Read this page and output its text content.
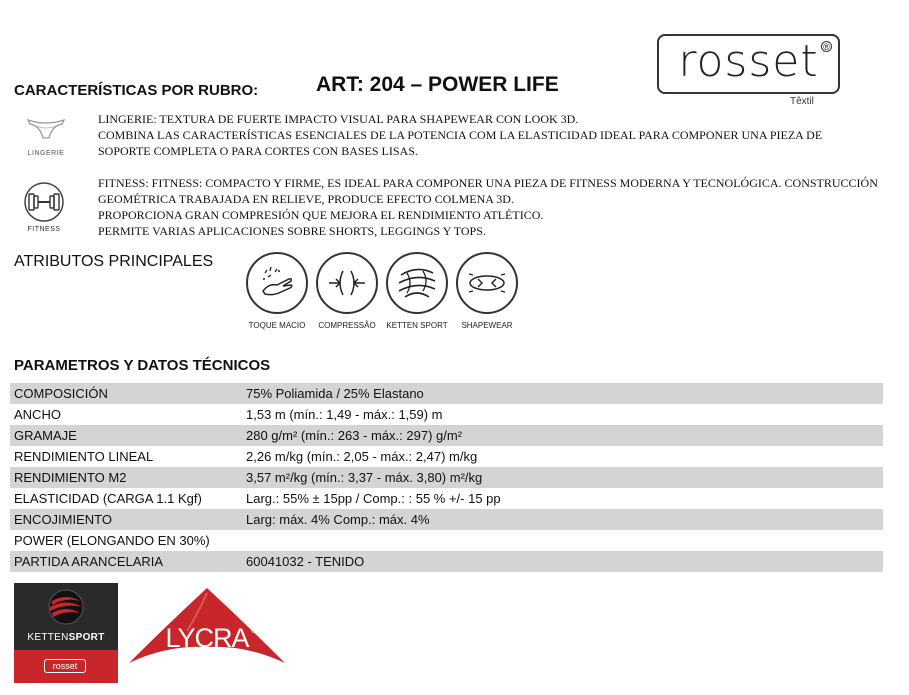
rosset ®
Têxtil
CARACTERÍSTICAS POR RUBRO:	ART: 204 – POWER LIFE
LINGERIE

LINGERIE: TEXTURA DE FUERTE IMPACTO VISUAL PARA SHAPEWEAR CON LOOK 3D.

COMBINA LAS CARACTERÍSTICAS ESENCIALES DE LA POTENCIA COM LA ELASTICIDAD IDEAL PARA COMPONER UNA PIEZA DE

SOPORTE COMPLETA O PARA CORTES CON BASES LISAS.

FITNESS

FITNESS: FITNESS: COMPACTO Y FIRME, ES IDEAL PARA COMPONER UNA PIEZA DE FITNESS MODERNA Y TECNOLÓGICA. CONSTRUCCIÓN

GEOMÉTRICA TRABAJADA EN RELIEVE, PRODUCE EFECTO COLMENA 3D.

PROPORCIONA GRAN COMPRESIÓN QUE MEJORA EL RENDIMIENTO ATLÉTICO.

PERMITE VARIAS APLICACIONES SOBRE SHORTS, LEGGINGS Y TOPS.

ATRIBUTOS PRINCIPALES
TOQUE MACIO COMPRESSÃO KETTEN SPORT SHAPEWEAR
PARAMETROS Y DATOS TÉCNICOS
COMPOSICIÓN	75% Poliamida / 25% Elastano
ANCHO	1,53 m (mín.: 1,49 - máx.: 1,59) m
GRAMAJE	280 g/m² (mín.: 263 - máx.: 297) g/m²
RENDIMIENTO LINEAL	2,26 m/kg (mín.: 2,05 - máx.: 2,47) m/kg
RENDIMIENTO M2	3,57 m²/kg (mín.: 3,37 - máx. 3,80) m²/kg
ELASTICIDAD (CARGA 1.1 Kgf)	Larg.: 55% ± 15pp / Comp.: : 55 % +/- 15 pp
ENCOJIMIENTO	Larg: máx. 4% Comp.: máx. 4%
POWER (ELONGANDO EN 30%)
PARTIDA ARANCELARIA	60041032 - TENIDO
KETTENSPORT
rosset
LYCRA ®
